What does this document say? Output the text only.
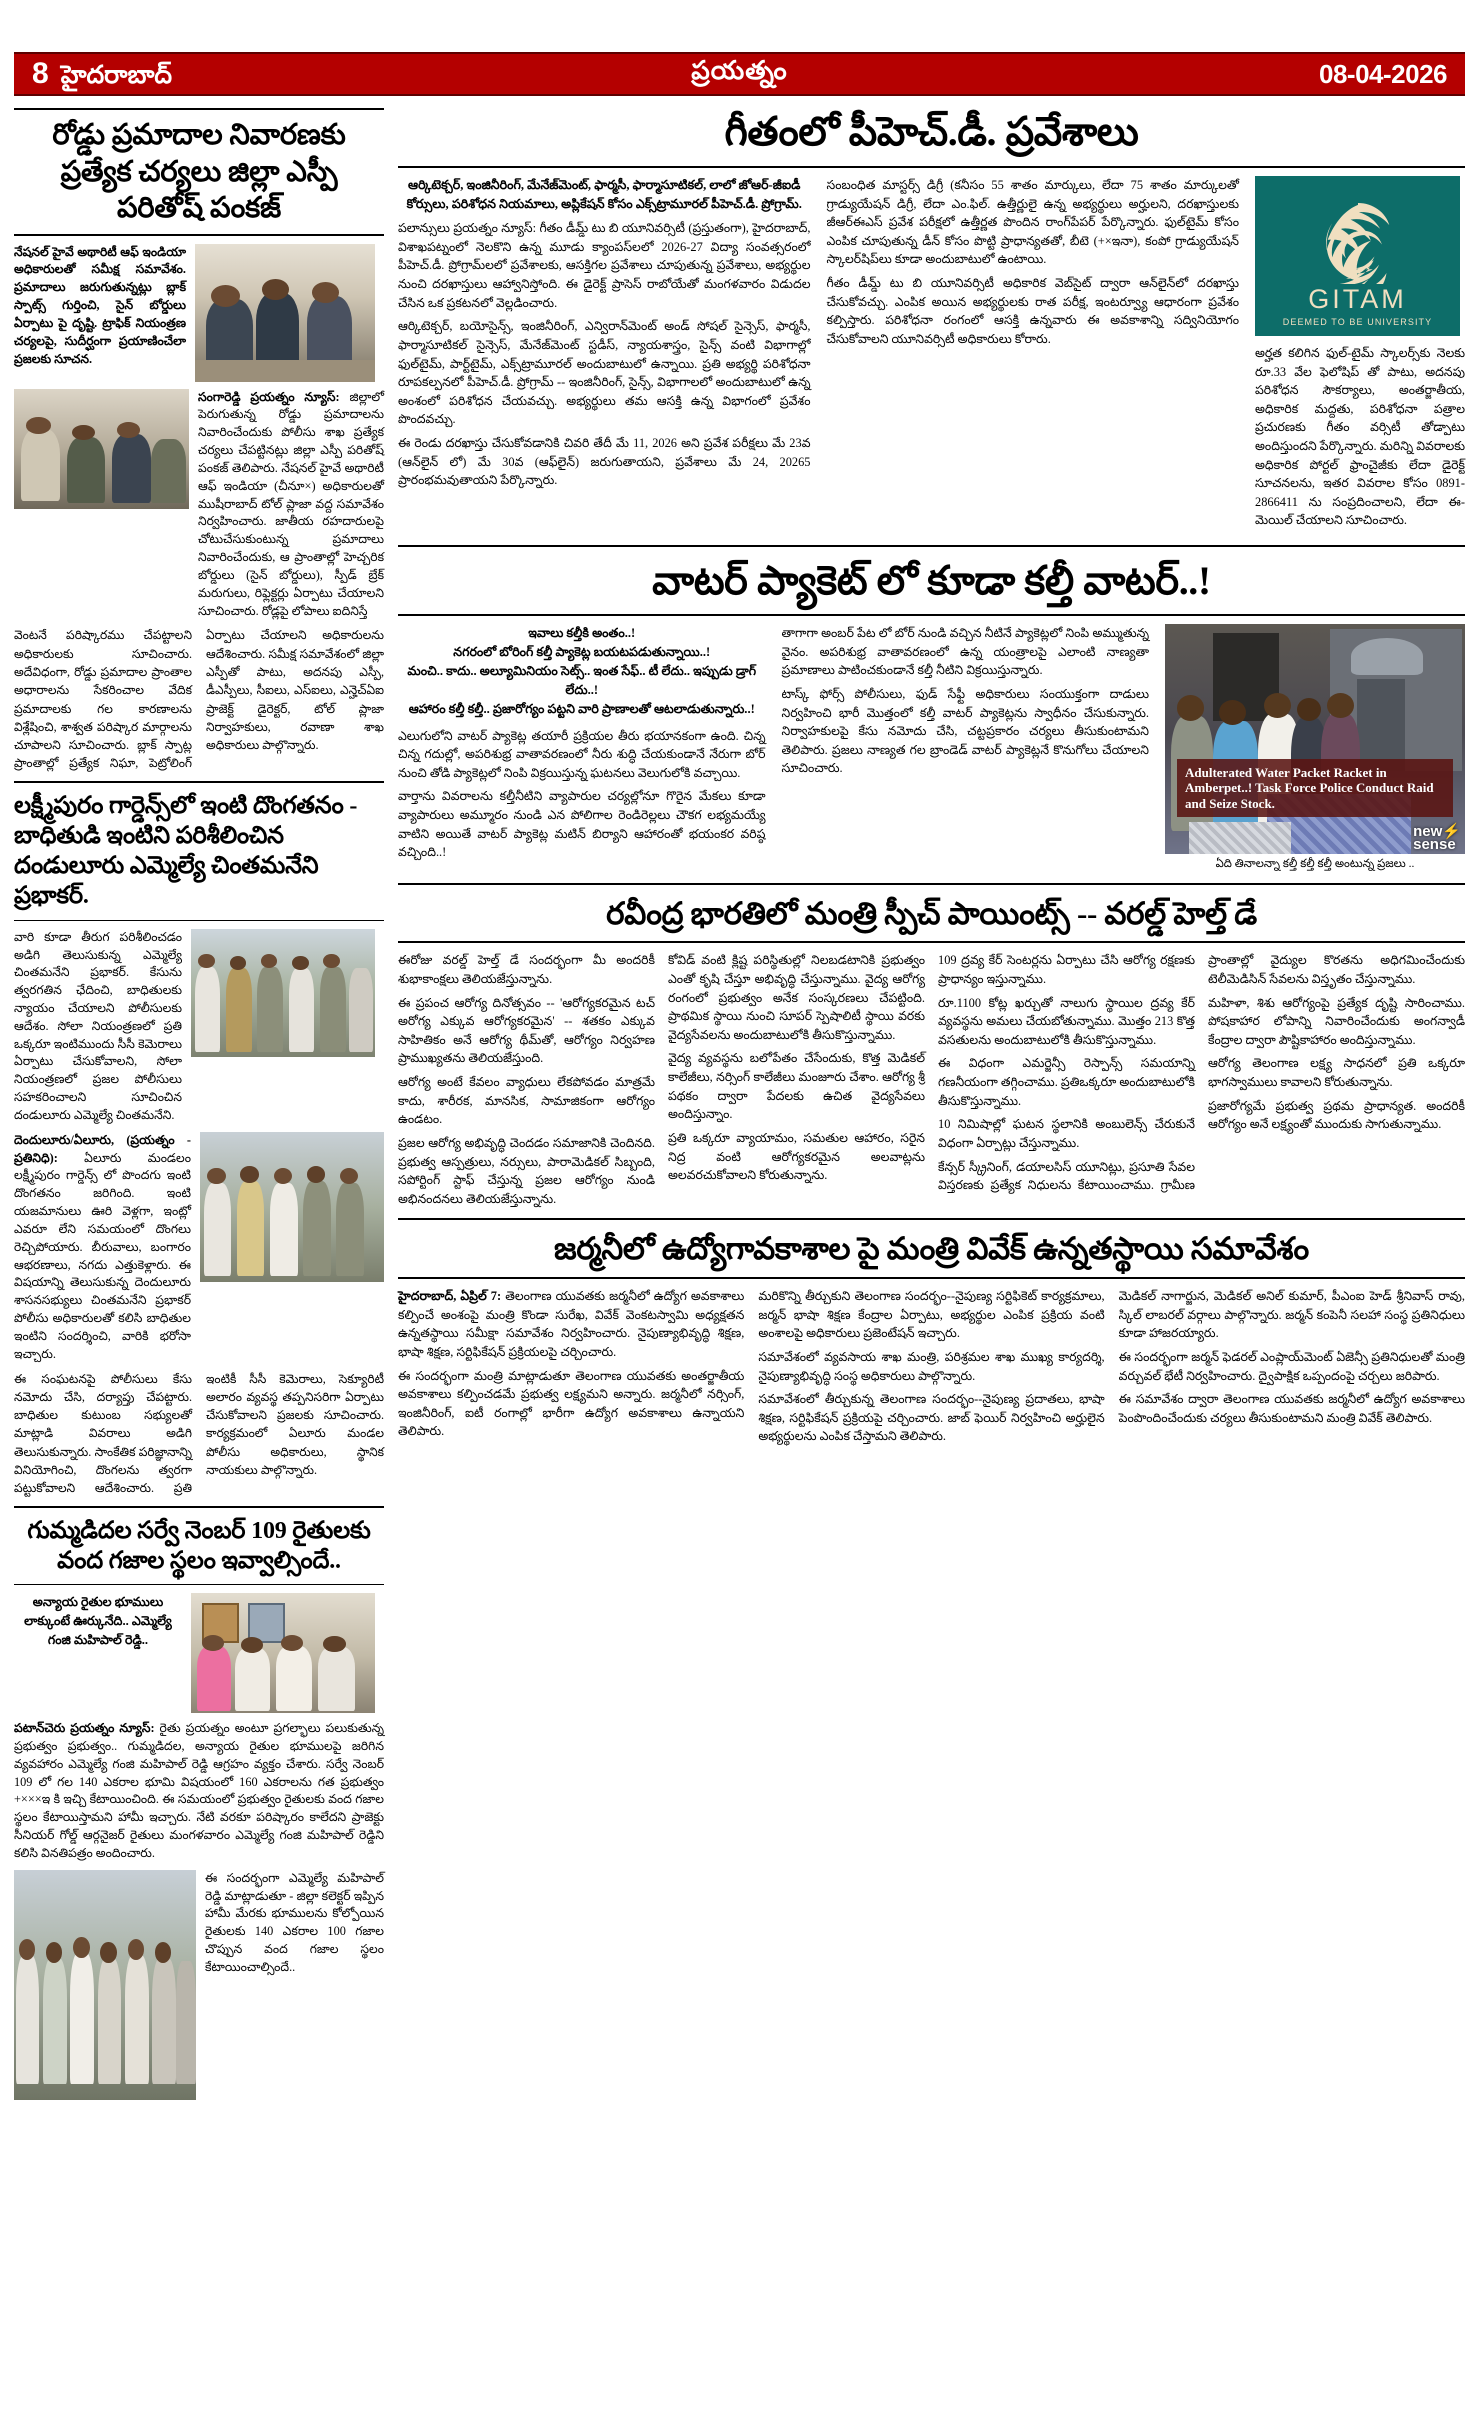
8 హైదరాబాద్	ప్రయత్నం	08-04-2026
రోడ్డు ప్రమాదాల నివారణకు ప్రత్యేక చర్యలు జిల్లా ఎస్పీ పరితోష్ పంకజ్
నేషనల్ హైవే అథారిటీ ఆఫ్ ఇండియా అధికారులతో సమీక్ష సమావేశం. ప్రమాదాలు జరుగుతున్నట్లు బ్లాక్ స్పాట్స్ గుర్తించి, సైన్ బోర్డులు ఏర్పాటు పై దృష్టి. ట్రాఫిక్ నియంత్రణ చర్యలపై, సుదీర్ఘంగా ప్రయాణించేలా ప్రజలకు సూచన.
సంగారెడ్డి ప్రయత్నం న్యూస్: జిల్లాలో పెరుగుతున్న రోడ్డు ప్రమాదాలను నివారించేందుకు పోలీసు శాఖ ప్రత్యేక చర్యలు చేపట్టినట్లు జిల్లా ఎస్పీ పరితోష్ పంకజ్ తెలిపారు. నేషనల్ హైవే అథారిటీ ఆఫ్ ఇండియా (చీనూ×) అధికారులతో ముషీరాబాద్ టోల్ ప్లాజా వద్ద సమావేశం నిర్వహించారు. జాతీయ రహదారులపై చోటుచేసుకుంటున్న ప్రమాదాలు నివారించేందుకు, ఆ ప్రాంతాల్లో హెచ్చరిక బోర్డులు (సైన్ బోర్డులు), స్పీడ్ బ్రేక్ మరుగులు, రిఫ్లెక్టర్లు ఏర్పాటు చేయాలని సూచించారు. రోడ్లపై లోపాలు ఐదినిస్తే

వెంటనే పరిష్కారము చేపట్టాలని అధికారులకు సూచించారు. అదేవిధంగా, రోడ్డు ప్రమాదాల ప్రాంతాల అధారాలను సేకరించాల వేదిక ప్రమాదాలకు గల కారణాలను విశ్లేషించి, శాశ్వత పరిష్కార మార్గాలను చూపాలని సూచించారు. బ్లాక్ స్పాట్ల ప్రాంతాల్లో ప్రత్యేక నిఘా, పెట్రోలింగ్ ఏర్పాటు చేయాలని అధికారులను ఆదేశించారు. సమీక్ష సమావేశంలో జిల్లా ఎస్పీతో పాటు, అదనపు ఎస్పీ, డీఎస్పీలు, సీఐలు, ఎస్ఐలు, ఎన్హెచ్ఏఐ ప్రాజెక్ట్ డైరెక్టర్, టోల్ ప్లాజా నిర్వాహకులు, రవాణా శాఖ అధికారులు పాల్గొన్నారు.

లక్ష్మీపురం గార్డెన్స్‌లో ఇంటి దొంగతనం - బాధితుడి ఇంటిని పరిశీలించిన దండులూరు ఎమ్మెల్యే చింతమనేని ప్రభాకర్.
వారి కూడా తీరుగ పరిశీలించడం అడిగి తెలుసుకున్న ఎమ్మెల్యే చింతమనేని ప్రభాకర్. కేసును త్వరగతిన ఛేదించి, బాధితులకు న్యాయం చేయాలని పోలీసులకు ఆదేశం. సోలా నియంత్రణలో ప్రతి ఒక్కరూ ఇంటిముందు సీసీ కెమెరాలు ఏర్పాటు చేసుకోవాలని, సోలా నియంత్రణలో ప్రజల పోలీసులు సహకరించాలని సూచించిన దండులూరు ఎమ్మెల్యే చింతమనేని.
దెందులూరు/ఏలూరు, (ప్రయత్నం - ప్రతినిధి): ఏలూరు మండలం లక్ష్మీపురం గార్డెన్స్ లో పొందగు ఇంటి దొంగతనం జరిగింది. ఇంటి యజమానులు ఊరి వెళ్లగా, ఇంట్లో ఎవరూ లేని సమయంలో దొంగలు రెచ్చిపోయారు. బీరువాలు, బంగారం ఆభరణాలు, నగదు ఎత్తుకెళ్లారు. ఈ విషయాన్ని తెలుసుకున్న దెందులూరు శాసనసభ్యులు చింతమనేని ప్రభాకర్ పోలీసు అధికారులతో కలిసి బాధితుల ఇంటిని సందర్శించి, వారికి భరోసా ఇచ్చారు.

ఈ సంఘటనపై పోలీసులు కేసు నమోదు చేసి, దర్యాప్తు చేపట్టారు. బాధితుల కుటుంబ సభ్యులతో మాట్లాడి వివరాలు అడిగి తెలుసుకున్నారు. సాంకేతిక పరిజ్ఞానాన్ని వినియోగించి, దొంగలను త్వరగా పట్టుకోవాలని ఆదేశించారు. ప్రతి ఇంటికీ సీసీ కెమెరాలు, సెక్యూరిటీ అలారం వ్యవస్థ తప్పనిసరిగా ఏర్పాటు చేసుకోవాలని ప్రజలకు సూచించారు. కార్యక్రమంలో ఏలూరు మండల పోలీసు అధికారులు, స్థానిక నాయకులు పాల్గొన్నారు.

గుమ్మడిదల సర్వే నెంబర్ 109 రైతులకు వంద గజాల స్థలం ఇవ్వాల్సిందే..
అన్యాయ రైతుల భూములు లాక్కుంటే ఊర్కునేది.. ఎమ్మెల్యే గంజి మహిపాల్ రెడ్డి..
పటాన్‌చెరు ప్రయత్నం న్యూస్: రైతు ప్రయత్నం అంటూ ప్రగల్భాలు పలుకుతున్న ప్రభుత్వం ప్రభుత్వం.. గుమ్మడిదల, అన్యాయ రైతుల భూములపై జరిగిన వ్యవహారం ఎమ్మెల్యే గంజి మహిపాల్ రెడ్డి ఆగ్రహం వ్యక్తం చేశారు. సర్వే నెంబర్ 109 లో గల 140 ఎకరాల భూమి విషయంలో 160 ఎకరాలను గత ప్రభుత్వం +×××ఇ కి ఇచ్చి కేటాయించింది. ఈ సమయంలో ప్రభుత్వం రైతులకు వంద గజాల స్థలం కేటాయిస్తామని హామీ ఇచ్చారు. నేటి వరకూ పరిష్కారం కాలేదని ప్రాజెక్టు సీనియర్ గోల్డ్ ఆర్గనైజర్ రైతులు మంగళవారం ఎమ్మెల్యే గంజి మహిపాల్ రెడ్డిని కలిసి వినతిపత్రం అందించారు.
ఈ సందర్భంగా ఎమ్మెల్యే మహిపాల్ రెడ్డి మాట్లాడుతూ - జిల్లా కలెక్టర్ ఇప్పిన హామీ మేరకు భూములను కోల్పోయిన రైతులకు 140 ఎకరాల 100 గజాల చొప్పున వంద గజాల స్థలం కేటాయించాల్సిందే..
గీతంలో పీహెచ్.డీ. ప్రవేశాలు
ఆర్కిటెక్చర్, ఇంజినీరింగ్, మేనేజ్‌మెంట్, ఫార్మసీ, ఫార్మాసూటికల్, లాలో జోఆర్-జీఐడీ కోర్సులు, పరిశోధన నియమాలు, అప్లికేషన్ కోసం ఎక్స్‌ట్రామూరల్ పీహెచ్.డీ. ప్రోగ్రామ్.

పలాన్సులు ప్రయత్నం న్యూస్: గీతం డీమ్డ్ టు బి యూనివర్సిటీ (ప్రస్తుతంగా), హైదరాబాద్, విశాఖపట్నంలో నెలకొని ఉన్న మూడు క్యాంపస్‌లలో 2026-27 విద్యా సంవత్సరంలో పీహెచ్.డీ. ప్రోగ్రామ్‌లలో ప్రవేశాలకు, ఆసక్తిగల ప్రవేశాలు చూపుతున్న ప్రవేశాలు, అభ్యర్థుల నుంచి దరఖాస్తులు ఆహ్వానిస్తోంది. ఈ డైరెక్ట్ ప్రాసెస్ రాబోయేతో మంగళవారం విడుదల చేసిన ఒక ప్రకటనలో వెల్లడించారు.

ఆర్కిటెక్చర్, బయోసైన్స్, ఇంజినీరింగ్, ఎన్విరాన్‌మెంట్ అండ్ సోషల్ సైన్సెస్, ఫార్మసీ, ఫార్మాసూటికల్ సైన్సెస్, మేనేజ్‌మెంట్ స్టడీస్, న్యాయశాస్త్రం, సైన్స్ వంటి విభాగాల్లో ఫుల్‌టైమ్, పార్ట్‌టైమ్, ఎక్స్‌ట్రామూరల్ అందుబాటులో ఉన్నాయి. ప్రతి అభ్యర్థి పరిశోధనా రూపకల్పనలో పీహెచ్.డీ. ప్రోగ్రామ్ -- ఇంజినీరింగ్, సైన్స్, విభాగాలలో అందుబాటులో ఉన్న అంశంలో పరిశోధన చేయవచ్చు. అభ్యర్థులు తమ ఆసక్తి ఉన్న విభాగంలో ప్రవేశం పొందవచ్చు.

ఈ రెండు దరఖాస్తు చేసుకోవడానికి చివరి తేదీ మే 11, 2026 అని ప్రవేశ పరీక్షలు మే 23వ (ఆన్‌లైన్ లో) మే 30వ (ఆఫ్‌లైన్) జరుగుతాయని, ప్రవేశాలు మే 24, 20265 ప్రారంభమవుతాయని పేర్కొన్నారు.

సంబంధిత మాస్టర్స్ డిగ్రీ (కనీసం 55 శాతం మార్కులు, లేదా 75 శాతం మార్కులతో గ్రాడ్యుయేషన్ డిగ్రీ, లేదా ఎం.ఫిల్. ఉత్తీర్ణులై ఉన్న అభ్యర్థులు అర్హులని, దరఖాస్తులకు జీఆర్ఈఎస్ ప్రవేశ పరీక్షలో ఉత్తీర్ణత పొందిన రాంగ్‌పేపర్ పేర్కొన్నారు. ఫుల్‌టైమ్ కోసం ఎంపిక చూపుతున్న డీన్ కోసం పొట్టి ప్రాధాన్యతతో, బీటె (+×ఇనా), కంపో గ్రాడ్యుయేషన్ స్కాలర్‌షిప్‌లు కూడా అందుబాటులో ఉంటాయి.

గీతం డీమ్డ్ టు బి యూనివర్సిటీ అధికారిక వెబ్‌సైట్ ద్వారా ఆన్‌లైన్‌లో దరఖాస్తు చేసుకోవచ్చు. ఎంపిక అయిన అభ్యర్థులకు రాత పరీక్ష, ఇంటర్వ్యూ ఆధారంగా ప్రవేశం కల్పిస్తారు. పరిశోధనా రంగంలో ఆసక్తి ఉన్నవారు ఈ అవకాశాన్ని సద్వినియోగం చేసుకోవాలని యూనివర్సిటీ అధికారులు కోరారు.

GITAM
DEEMED TO BE UNIVERSITY

అర్హత కలిగిన ఫుల్-టైమ్ స్కాలర్స్‌కు నెలకు రూ.33 వేల ఫెలోషిప్ తో పాటు, అదనపు పరిశోధన సౌకర్యాలు, అంతర్జాతీయ, అధికారిక మద్దతు, పరిశోధనా పత్రాల ప్రచురణకు గీతం వర్సిటీ తోడ్పాటు అందిస్తుందని పేర్కొన్నారు. మరిన్ని వివరాలకు అధికారిక పోర్టల్ ఫ్రాంచైజీకు లేదా డైరెక్ట్ సూచనలను, ఇతర వివరాల కోసం 0891-2866411 ను సంప్రదించాలని, లేదా ఈ-మెయిల్ చేయాలని సూచించారు.

వాటర్ ప్యాకెట్ లో కూడా కల్తీ వాటర్..!
ఇవాలు కల్తీకి అంతం..!
నగరంలో బోరింగ్ కల్తీ ప్యాకెట్ల బయటపడుతున్నాయి..!
మంచి.. కాదు.. అల్యూమినియం సెట్స్.. ఇంత సేఫ్.. టీ లేదు.. ఇప్పుడు డ్రాగ్ లేదు..!
ఆహారం కల్తీ కల్తీ.. ప్రజారోగ్యం పట్టని వారి ప్రాణాలతో ఆటలాడుతున్నారు..!

ఎలుగులోని వాటర్ ప్యాకెట్ల తయారీ ప్రక్రియల తీరు భయానకంగా ఉంది. చిన్న చిన్న గదుల్లో, అపరిశుభ్ర వాతావరణంలో నీరు శుద్ధి చేయకుండానే నేరుగా బోర్ నుంచి తోడి ప్యాకెట్లలో నింపి విక్రయిస్తున్న ఘటనలు వెలుగులోకి వచ్చాయి.

వార్తాను వివరాలను కల్తీనీటిని వ్యాపారుల చర్యల్లోనూ గొరైన మేకలు కూడా వ్యాపారులు అమ్మూరం నుండి ఎన పోలిగాల రెండిరెల్లలు చౌకగ లభ్యమయ్యే వాటిని అయితే వాటర్ ప్యాకెట్ల మటిన్ బిర్యాని ఆహారంతో భయంకర వరిష్ఠ వచ్చింది..!

తాగాగా అంబర్ పేట లో బోర్ నుండి వచ్చిన నీటినే ప్యాకెట్లలో నింపి అమ్ముతున్న వైనం. అపరిశుభ్ర వాతావరణంలో ఉన్న యంత్రాలపై ఎలాంటి నాణ్యతా ప్రమాణాలు పాటించకుండానే కల్తీ నీటిని విక్రయిస్తున్నారు.

టాస్క్ ఫోర్స్ పోలీసులు, ఫుడ్ సేఫ్టీ అధికారులు సంయుక్తంగా దాడులు నిర్వహించి భారీ మొత్తంలో కల్తీ వాటర్ ప్యాకెట్లను స్వాధీనం చేసుకున్నారు. నిర్వాహకులపై కేసు నమోదు చేసి, చట్టప్రకారం చర్యలు తీసుకుంటామని తెలిపారు. ప్రజలు నాణ్యత గల బ్రాండెడ్ వాటర్ ప్యాకెట్లనే కొనుగోలు చేయాలని సూచించారు.	Adulterated Water Packet Racket in Amberpet..! Task Force Police Conduct Raid and Seize Stock.
new⚡
sense
ఏది తినాలన్నా కల్తీ కల్తీ కల్తీ అంటున్న ప్రజలు ..
రవీంద్ర భారతిలో మంత్రి స్పీచ్ పాయింట్స్ -- వరల్డ్ హెల్త్ డే

ఈరోజు వరల్డ్ హెల్త్ డే సందర్భంగా మీ అందరికీ శుభాకాంక్షలు తెలియజేస్తున్నాను.

ఈ ప్రపంచ ఆరోగ్య దినోత్సవం -- 'ఆరోగ్యకరమైన టచ్ అరోగ్య ఎక్కువ ఆరోగ్యకరమైన' -- శతకం ఎక్కువ సాహితికం అనే ఆరోగ్య థీమ్‌తో, ఆరోగ్యం నిర్వహణ ప్రాముఖ్యతను తెలియజేస్తుంది.

ఆరోగ్య అంటే కేవలం వ్యాధులు లేకపోవడం మాత్రమే కాదు, శారీరక, మానసిక, సామాజికంగా ఆరోగ్యం ఉండటం.

ప్రజల ఆరోగ్య అభివృద్ధి చెందడం సమాజానికి చెందినది. ప్రభుత్వ ఆస్పత్రులు, నర్సులు, పారామెడికల్ సిబ్బంది, సపోర్టింగ్ స్టాఫ్ చేస్తున్న ప్రజల ఆరోగ్యం నుండి అభినందనలు తెలియజేస్తున్నాను.

కోవిడ్ వంటి క్లిష్ట పరిస్థితుల్లో నిలబడటానికి ప్రభుత్వం ఎంతో కృషి చేస్తూ అభివృద్ధి చేస్తున్నాము. వైద్య ఆరోగ్య రంగంలో ప్రభుత్వం అనేక సంస్కరణలు చేపట్టింది. ప్రాథమిక స్థాయి నుంచి సూపర్ స్పెషాలిటీ స్థాయి వరకు వైద్యసేవలను అందుబాటులోకి తీసుకొస్తున్నాము.

వైద్య వ్యవస్థను బలోపేతం చేసేందుకు, కొత్త మెడికల్ కాలేజీలు, నర్సింగ్ కాలేజీలు మంజూరు చేశాం. ఆరోగ్య శ్రీ పథకం ద్వారా పేదలకు ఉచిత వైద్యసేవలు అందిస్తున్నాం.

ప్రతి ఒక్కరూ వ్యాయామం, సమతుల ఆహారం, సరైన నిద్ర వంటి ఆరోగ్యకరమైన అలవాట్లను అలవరచుకోవాలని కోరుతున్నాను.

109 ద్రవ్య కేర్ సెంటర్లను ఏర్పాటు చేసి ఆరోగ్య రక్షణకు ప్రాధాన్యం ఇస్తున్నాము.

రూ.1100 కోట్ల ఖర్చుతో నాలుగు స్థాయిల ద్రవ్య కేర్ వ్యవస్థను అమలు చేయబోతున్నాము. మొత్తం 213 కొత్త వసతులను అందుబాటులోకి తీసుకొస్తున్నాము.

ఈ విధంగా ఎమర్జెన్సీ రెస్పాన్స్ సమయాన్ని గణనీయంగా తగ్గించాము. ప్రతిఒక్కరూ అందుబాటులోకి తీసుకొస్తున్నాము.

10 నిమిషాల్లో ఘటన స్థలానికి అంబులెన్స్ చేరుకునే విధంగా ఏర్పాట్లు చేస్తున్నాము.

కేన్సర్ స్క్రీనింగ్, డయాలసిస్ యూనిట్లు, ప్రసూతి సేవల విస్తరణకు ప్రత్యేక నిధులను కేటాయించాము. గ్రామీణ ప్రాంతాల్లో వైద్యుల కొరతను అధిగమించేందుకు టెలీమెడిసిన్ సేవలను విస్తృతం చేస్తున్నాము.

మహిళా, శిశు ఆరోగ్యంపై ప్రత్యేక దృష్టి సారించాము. పోషకాహార లోపాన్ని నివారించేందుకు అంగన్వాడీ కేంద్రాల ద్వారా పౌష్టికాహారం అందిస్తున్నాము.

ఆరోగ్య తెలంగాణ లక్ష్య సాధనలో ప్రతి ఒక్కరూ భాగస్వాములు కావాలని కోరుతున్నాను.

ప్రజారోగ్యమే ప్రభుత్వ ప్రథమ ప్రాధాన్యత. అందరికీ ఆరోగ్యం అనే లక్ష్యంతో ముందుకు సాగుతున్నాము.

జర్మనీలో ఉద్యోగావకాశాల పై మంత్రి వివేక్ ఉన్నతస్థాయి సమావేశం

హైదరాబాద్, ఏప్రిల్ 7: తెలంగాణ యువతకు జర్మనీలో ఉద్యోగ అవకాశాలు కల్పించే అంశంపై మంత్రి కొండా సురేఖ, వివేక్ వెంకటస్వామి అధ్యక్షతన ఉన్నతస్థాయి సమీక్షా సమావేశం నిర్వహించారు. నైపుణ్యాభివృద్ధి శిక్షణ, భాషా శిక్షణ, సర్టిఫికేషన్ ప్రక్రియలపై చర్చించారు.

ఈ సందర్భంగా మంత్రి మాట్లాడుతూ తెలంగాణ యువతకు అంతర్జాతీయ అవకాశాలు కల్పించడమే ప్రభుత్వ లక్ష్యమని అన్నారు. జర్మనీలో నర్సింగ్, ఇంజినీరింగ్, ఐటీ రంగాల్లో భారీగా ఉద్యోగ అవకాశాలు ఉన్నాయని తెలిపారు.

మరికొన్ని తీర్చుకుని తెలంగాణ సందర్భం--నైపుణ్య సర్టిఫికెట్ కార్యక్రమాలు, జర్మన్ భాషా శిక్షణ కేంద్రాల ఏర్పాటు, అభ్యర్థుల ఎంపిక ప్రక్రియ వంటి అంశాలపై అధికారులు ప్రజెంటేషన్ ఇచ్చారు.

సమావేశంలో వ్యవసాయ శాఖ మంత్రి, పరిశ్రమల శాఖ ముఖ్య కార్యదర్శి, నైపుణ్యాభివృద్ధి సంస్థ అధికారులు పాల్గొన్నారు.

సమావేశంలో తీర్చుకున్న తెలంగాణ సందర్భం--నైపుణ్య ప్రదాతలు, భాషా శిక్షణ, సర్టిఫికేషన్ ప్రక్రియపై చర్చించారు. జాబ్ ఫెయిర్ నిర్వహించి అర్హులైన అభ్యర్థులను ఎంపిక చేస్తామని తెలిపారు.

మెడికల్ నాగార్జున, మెడికల్ అనిల్ కుమార్, పీఎంఐ హెడ్ శ్రీనివాస్ రావు, స్కిల్ లాబరల్ వర్గాలు పాల్గొన్నారు. జర్మన్ కంపెనీ సలహా సంస్థ ప్రతినిధులు కూడా హాజరయ్యారు.

ఈ సందర్భంగా జర్మన్ ఫెడరల్ ఎంప్లాయ్‌మెంట్ ఏజెన్సీ ప్రతినిధులతో మంత్రి వర్చువల్ భేటీ నిర్వహించారు. ద్వైపాక్షిక ఒప్పందంపై చర్చలు జరిపారు.

ఈ సమావేశం ద్వారా తెలంగాణ యువతకు జర్మనీలో ఉద్యోగ అవకాశాలు పెంపొందించేందుకు చర్యలు తీసుకుంటామని మంత్రి వివేక్ తెలిపారు.
